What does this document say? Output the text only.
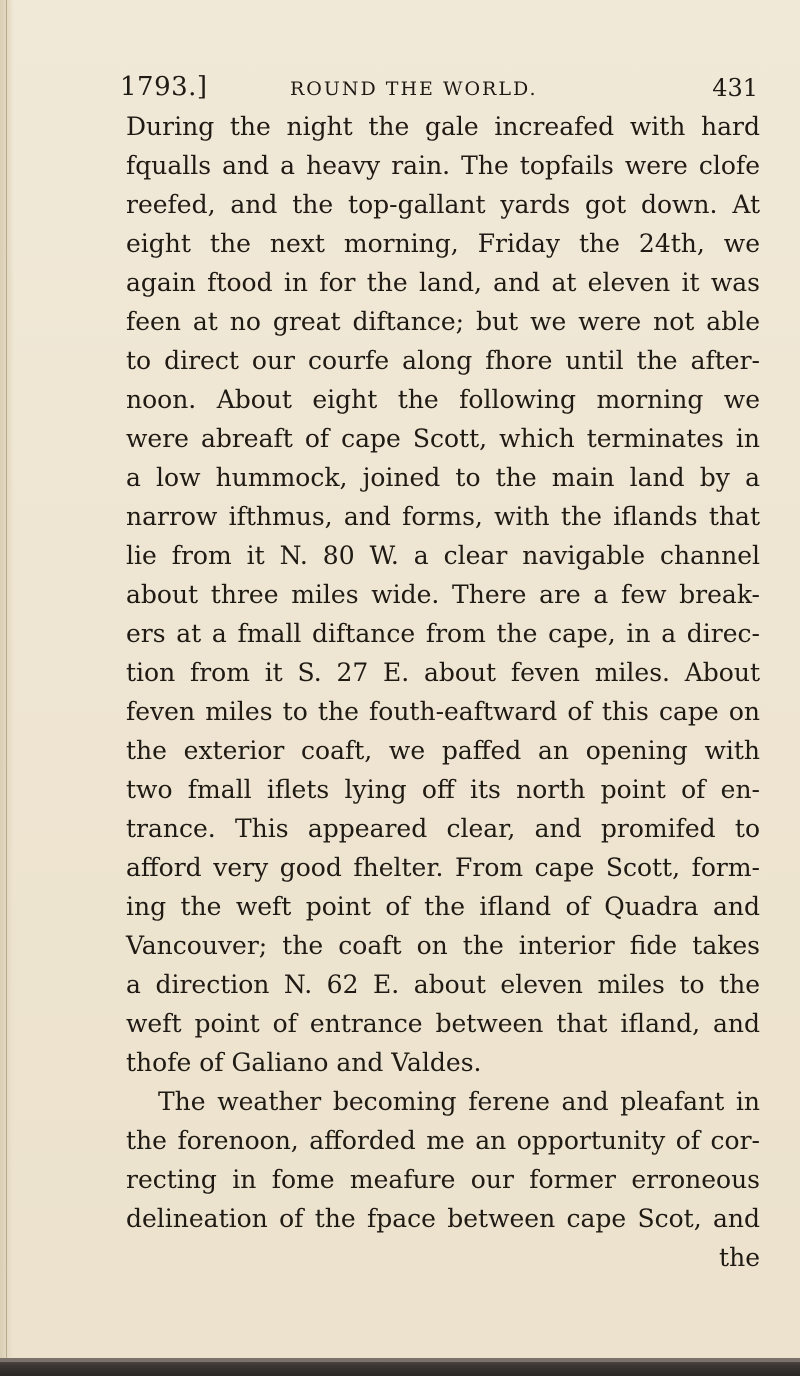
1793.]	ROUND THE WORLD.	431
During the night the gale increafed with hard
fqualls and a heavy rain. The topfails were clofe
reefed, and the top-gallant yards got down. At
eight the next morning, Friday the 24th, we
again ftood in for the land, and at eleven it was
feen at no great diftance; but we were not able
to direct our courfe along fhore until the after-
noon. About eight the following morning we
were abreaft of cape Scott, which terminates in
a low hummock, joined to the main land by a
narrow ifthmus, and forms, with the iflands that
lie from it N. 80 W. a clear navigable channel
about three miles wide. There are a few break-
ers at a fmall diftance from the cape, in a direc-
tion from it S. 27 E. about feven miles. About
feven miles to the fouth-eaftward of this cape on
the exterior coaft, we paffed an opening with
two fmall iflets lying off its north point of en-
trance. This appeared clear, and promifed to
afford very good fhelter. From cape Scott, form-
ing the weft point of the ifland of Quadra and
Vancouver; the coaft on the interior fide takes
a direction N. 62 E. about eleven miles to the
weft point of entrance between that ifland, and
thofe of Galiano and Valdes.
The weather becoming ferene and pleafant in
the forenoon, afforded me an opportunity of cor-
recting in fome meafure our former erroneous
delineation of the fpace between cape Scot, and
the
